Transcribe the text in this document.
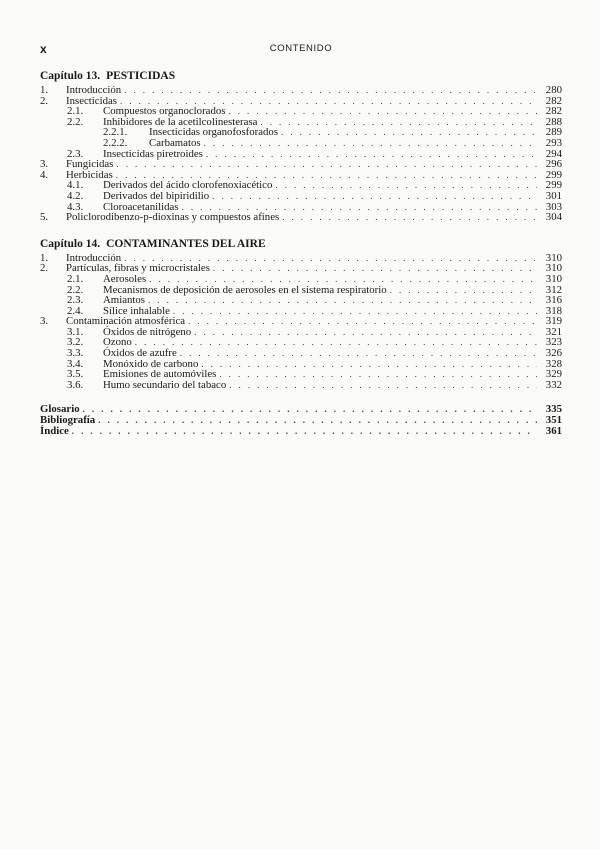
x	CONTENIDO
Capítulo 13. PESTICIDAS
1.	Introducción . . .	280
2.	Insecticidas . . .	282
2.1.	Compuestos organoclorados . . .	282
2.2.	Inhibidores de la acetilcolinesterasa . . .	288
2.2.1.	Insecticidas organofosforados . . .	289
2.2.2.	Carbamatos . . .	293
2.3.	Insecticidas piretroides . . .	294
3.	Fungicidas . . .	296
4.	Herbicidas . . .	299
4.1.	Derivados del ácido clorofenoxiacético . . .	299
4.2.	Derivados del bipiridilio . . .	301
4.3.	Cloroacetanilidas . . .	303
5.	Policlorodibenzo-p-dioxinas y compuestos afines . . .	304
Capítulo 14. CONTAMINANTES DEL AIRE
1.	Introducción . . .	310
2.	Partículas, fibras y microcristales . . .	310
2.1.	Aerosoles . . .	310
2.2.	Mecanismos de deposición de aerosoles en el sistema respiratorio . . .	312
2.3.	Amiantos . . .	316
2.4.	Sílice inhalable . . .	318
3.	Contaminación atmosférica . . .	319
3.1.	Óxidos de nitrógeno . . .	321
3.2.	Ozono . . .	323
3.3.	Óxidos de azufre . . .	326
3.4.	Monóxido de carbono . . .	328
3.5.	Emisiones de automóviles . . .	329
3.6.	Humo secundario del tabaco . . .	332
Glosario . . .	335
Bibliografía . . .	351
Índice . . .	361
